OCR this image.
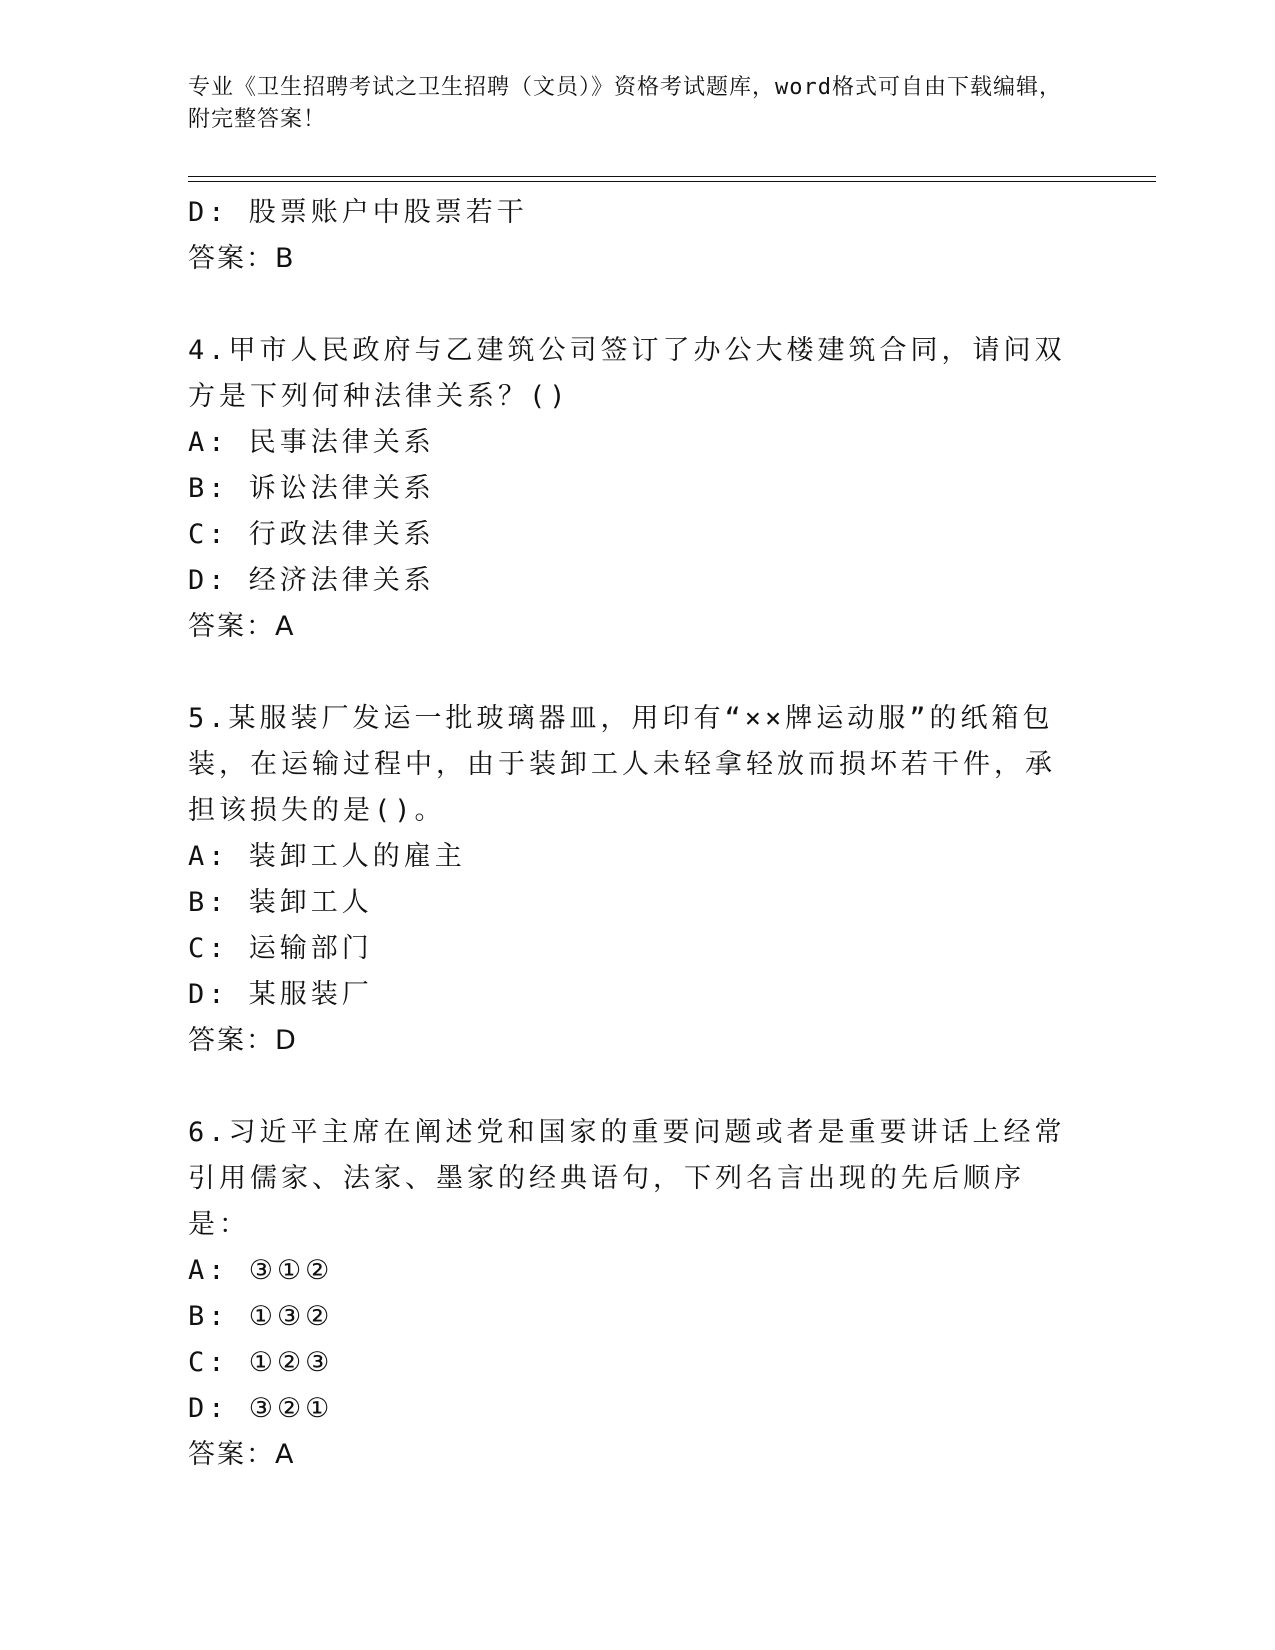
专业《卫生招聘考试之卫生招聘（文员）》资格考试题库，word格式可自由下载编辑，附完整答案！
D: 股票账户中股票若干
答案：B
4.甲市人民政府与乙建筑公司签订了办公大楼建筑合同，请问双方是下列何种法律关系？()
A: 民事法律关系
B: 诉讼法律关系
C: 行政法律关系
D: 经济法律关系
答案：A
5.某服装厂发运一批玻璃器皿，用印有“××牌运动服”的纸箱包装，在运输过程中，由于装卸工人未轻拿轻放而损坏若干件，承担该损失的是()。
A: 装卸工人的雇主
B: 装卸工人
C: 运输部门
D: 某服装厂
答案：D
6.习近平主席在阐述党和国家的重要问题或者是重要讲话上经常引用儒家、法家、墨家的经典语句，下列名言出现的先后顺序是：
A: ③①②
B: ①③②
C: ①②③
D: ③②①
答案：A
